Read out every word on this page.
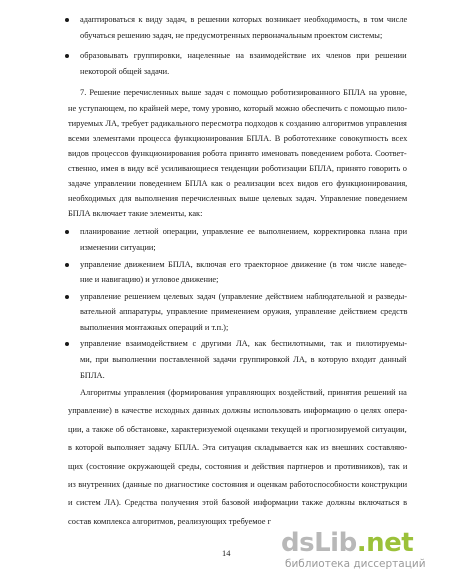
адаптироваться к виду задач, в решении которых возникает необходимость, в том числе
обучаться решению задач, не предусмотренных первоначальным проектом системы;
образовывать группировки, нацеленные на взаимодействие их членов при решении
некоторой общей задачи.
7. Решение перечисленных выше задач с помощью роботизированного БПЛА на уровне,
не уступающем, по крайней мере, тому уровню, который можно обеспечить с помощью пило-
тируемых ЛА, требует радикального пересмотра подходов к созданию алгоритмов управления
всеми элементами процесса функционирования БПЛА. В робототехнике совокупность всех
видов процессов функционирования робота принято именовать поведением робота. Соответ-
ственно, имея в виду всё усиливающиеся тенденции роботизации БПЛА, принято говорить о
задаче управлении поведением БПЛА как о реализации всех видов его функционирования,
необходимых для выполнения перечисленных выше целевых задач. Управление поведением
БПЛА включает такие элементы, как:
планирование летной операции, управление ее выполнением, корректировка плана при
изменении ситуации;
управление движением БПЛА, включая его траекторное движение (в том числе наведе-
ние и навигацию) и угловое движение;
управление решением целевых задач (управление действием наблюдательной и разведы-
вательной аппаратуры, управление применением оружия, управление действием средств
выполнения монтажных операций и т.п.);
управление взаимодействием с другими ЛА, как беспилотными, так и пилотируемы-
ми, при выполнении поставленной задачи группировкой ЛА, в которую входит данный
БПЛА.
Алгоритмы управления (формирования управляющих воздействий, принятия решений на
управление) в качестве исходных данных должны использовать информацию о целях опера-
ции, а также об обстановке, характеризуемой оценками текущей и прогнозируемой ситуации,
в которой выполняет задачу БПЛА. Эта ситуация складывается как из внешних составляю-
щих (состояние окружающей среды, состояния и действия партнеров и противников), так и
из внутренних (данные по диагностике состояния и оценкам работоспособности конструкции
и систем ЛА). Средства получения этой базовой информации также должны включаться в
состав комплекса алгоритмов, реализующих требуемое г
14 dsLib.net
библиотека диссертаций
